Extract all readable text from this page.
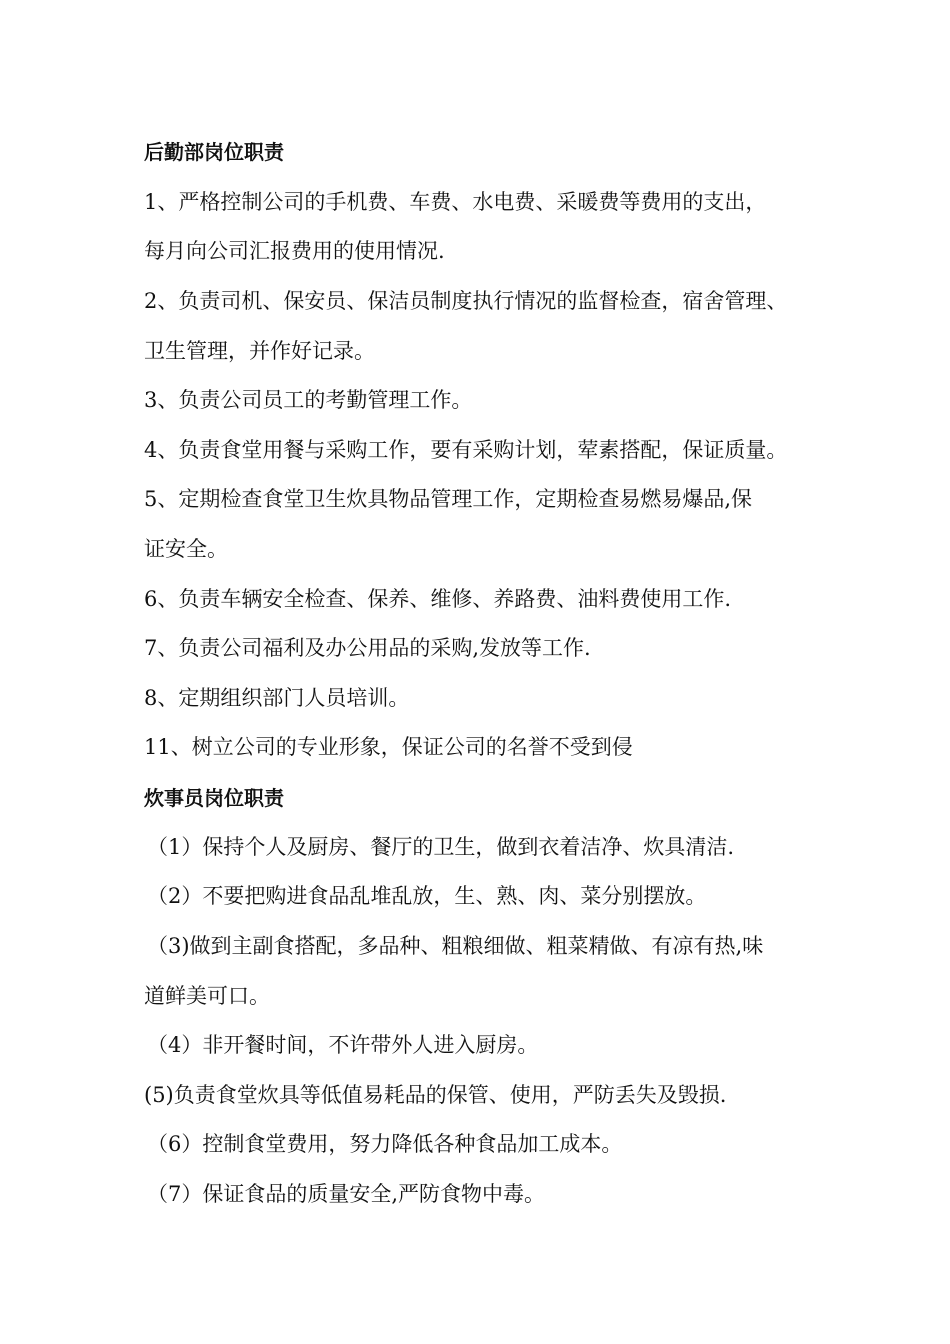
后勤部岗位职责
1、严格控制公司的手机费、车费、水电费、采暖费等费用的支出，
每月向公司汇报费用的使用情况.
2、负责司机、保安员、保洁员制度执行情况的监督检查，宿舍管理、
卫生管理，并作好记录。
3、负责公司员工的考勤管理工作。
4、负责食堂用餐与采购工作，要有采购计划，荤素搭配，保证质量。
5、定期检查食堂卫生炊具物品管理工作，定期检查易燃易爆品,保
证安全。
6、负责车辆安全检查、保养、维修、养路费、油料费使用工作.
7、负责公司福利及办公用品的采购,发放等工作.
8、定期组织部门人员培训。
11、树立公司的专业形象，保证公司的名誉不受到侵
炊事员岗位职责
（1）保持个人及厨房、餐厅的卫生，做到衣着洁净、炊具清洁.
（2）不要把购进食品乱堆乱放，生、熟、肉、菜分别摆放。
（3)做到主副食搭配，多品种、粗粮细做、粗菜精做、有凉有热,味
道鲜美可口。
（4）非开餐时间，不许带外人进入厨房。
(5)负责食堂炊具等低值易耗品的保管、使用，严防丢失及毁损.
（6）控制食堂费用，努力降低各种食品加工成本。
（7）保证食品的质量安全,严防食物中毒。
